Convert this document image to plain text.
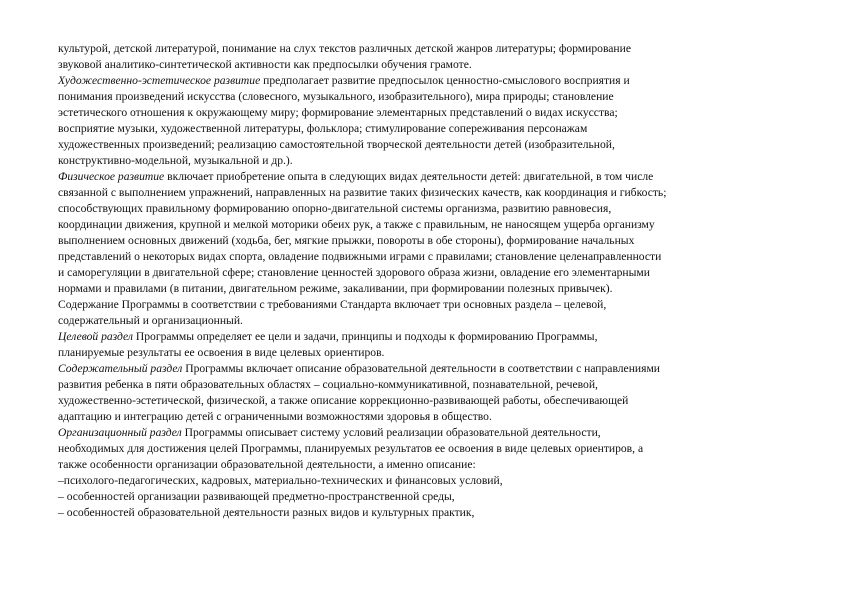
культурой, детской литературой, понимание на слух текстов различных детской жанров литературы; формирование
звуковой аналитико-синтетической активности как предпосылки обучения грамоте.
Художественно-эстетическое развитие предполагает развитие предпосылок ценностно-смыслового восприятия и
понимания произведений искусства (словесного, музыкального, изобразительного), мира природы; становление
эстетического отношения к окружающему миру; формирование элементарных представлений о видах искусства;
восприятие музыки, художественной литературы, фольклора; стимулирование сопереживания персонажам
художественных произведений; реализацию самостоятельной творческой деятельности детей (изобразительной,
конструктивно-модельной, музыкальной и др.).
Физическое развитие включает приобретение опыта в следующих видах деятельности детей: двигательной, в том числе
связанной с выполнением упражнений, направленных на развитие таких физических качеств, как координация и гибкость;
способствующих правильному формированию опорно-двигательной системы организма, развитию равновесия,
координации движения, крупной и мелкой моторики обеих рук, а также с правильным, не наносящем ущерба организму
выполнением основных движений (ходьба, бег, мягкие прыжки, повороты в обе стороны), формирование начальных
представлений о некоторых видах спорта, овладение подвижными играми с правилами; становление целенаправленности
и саморегуляции в двигательной сфере; становление ценностей здорового образа жизни, овладение его элементарными
нормами и правилами (в питании, двигательном режиме, закаливании, при формировании полезных привычек).
Содержание Программы в соответствии с требованиями Стандарта включает три основных раздела – целевой,
содержательный и организационный.
Целевой раздел Программы определяет ее цели и задачи, принципы и подходы к формированию Программы,
планируемые результаты ее освоения в виде целевых ориентиров.
Содержательный раздел Программы включает описание образовательной деятельности в соответствии с направлениями
развития ребенка в пяти образовательных областях – социально-коммуникативной, познавательной, речевой,
художественно-эстетической, физической, а также описание коррекционно-развивающей работы, обеспечивающей
адаптацию и интеграцию детей с ограниченными возможностями здоровья в общество.
Организационный раздел Программы описывает систему условий реализации образовательной деятельности,
необходимых для достижения целей Программы, планируемых результатов ее освоения в виде целевых ориентиров, а
также особенности организации образовательной деятельности, а именно описание:
–психолого-педагогических, кадровых, материально-технических и финансовых условий,
– особенностей организации развивающей предметно-пространственной среды,
– особенностей образовательной деятельности разных видов и культурных практик,
